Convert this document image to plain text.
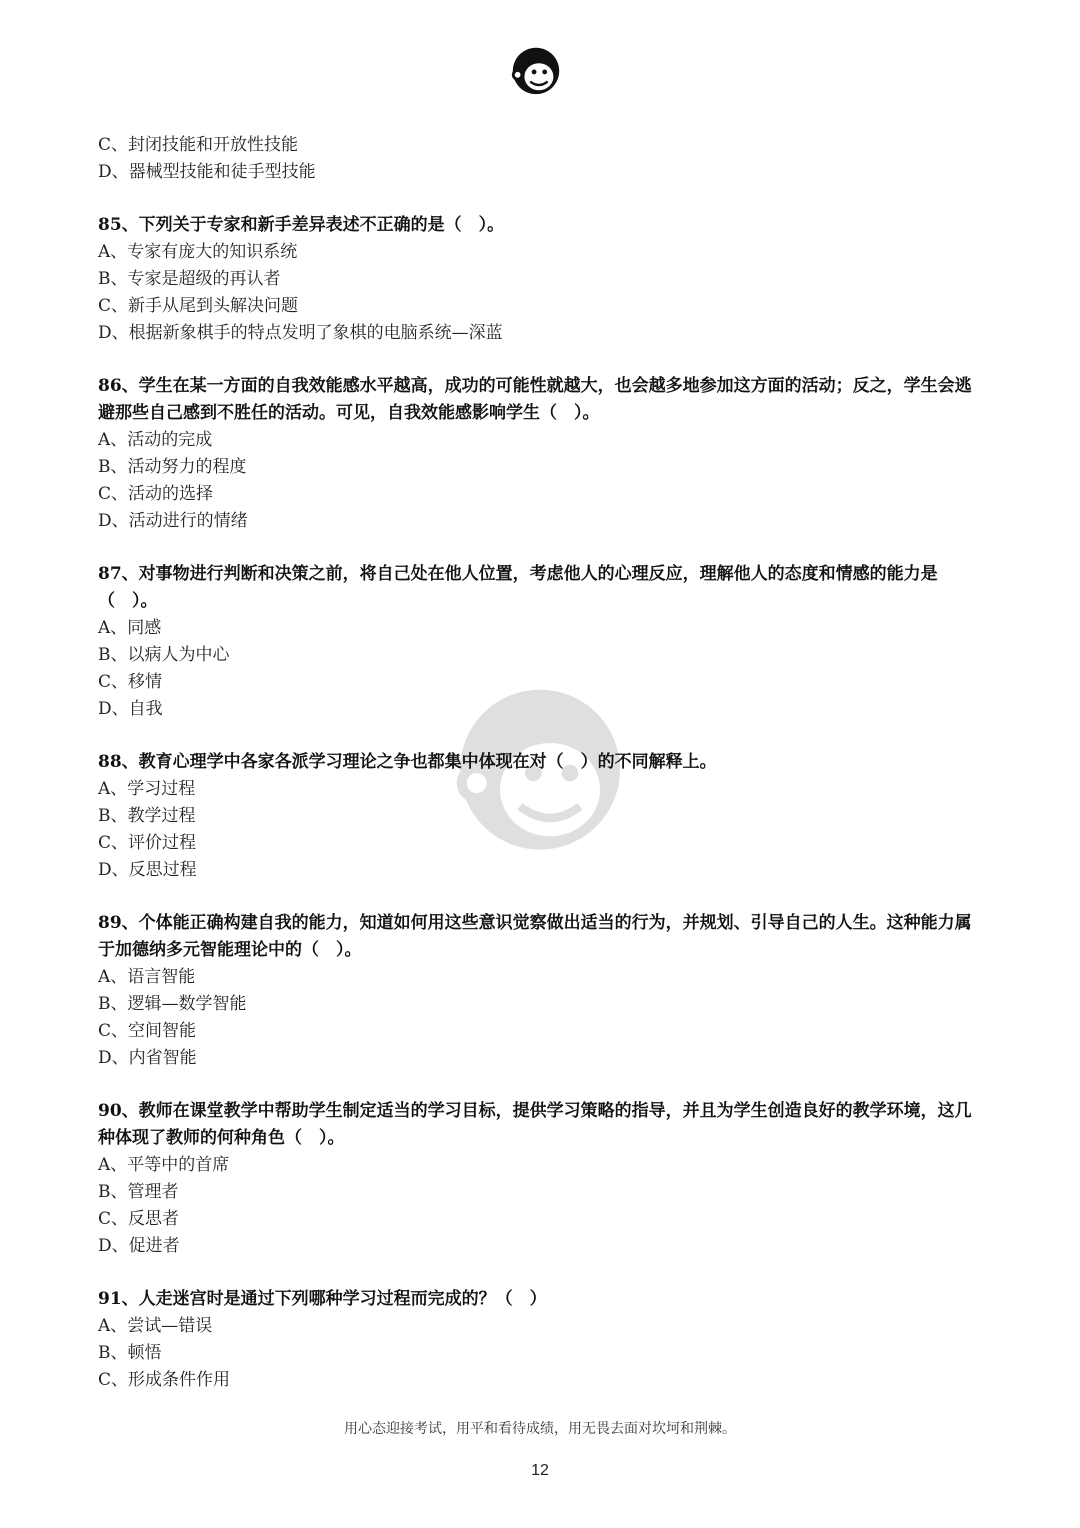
C、封闭技能和开放性技能
D、器械型技能和徒手型技能
85、下列关于专家和新手差异表述不正确的是（　）。
A、专家有庞大的知识系统
B、专家是超级的再认者
C、新手从尾到头解决问题
D、根据新象棋手的特点发明了象棋的电脑系统—深蓝
86、学生在某一方面的自我效能感水平越高，成功的可能性就越大，也会越多地参加这方面的活动；反之，学生会逃避那些自己感到不胜任的活动。可见，自我效能感影响学生（　）。
A、活动的完成
B、活动努力的程度
C、活动的选择
D、活动进行的情绪
87、对事物进行判断和决策之前，将自己处在他人位置，考虑他人的心理反应，理解他人的态度和情感的能力是（　）。
A、同感
B、以病人为中心
C、移情
D、自我
88、教育心理学中各家各派学习理论之争也都集中体现在对（　）的不同解释上。
A、学习过程
B、教学过程
C、评价过程
D、反思过程
89、个体能正确构建自我的能力，知道如何用这些意识觉察做出适当的行为，并规划、引导自己的人生。这种能力属于加德纳多元智能理论中的（　）。
A、语言智能
B、逻辑—数学智能
C、空间智能
D、内省智能
90、教师在课堂教学中帮助学生制定适当的学习目标，提供学习策略的指导，并且为学生创造良好的教学环境，这几种体现了教师的何种角色（　）。
A、平等中的首席
B、管理者
C、反思者
D、促进者
91、人走迷宫时是通过下列哪种学习过程而完成的？（　）
A、尝试—错误
B、顿悟
C、形成条件作用
用心态迎接考试，用平和看待成绩，用无畏去面对坎坷和荆棘。
12
